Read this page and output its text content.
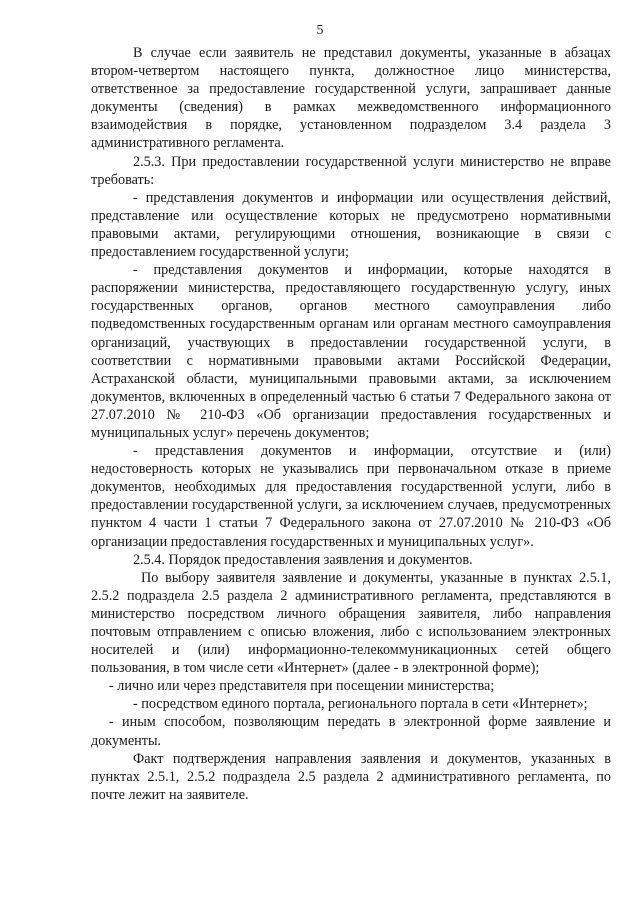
5

В случае если заявитель не представил документы, указанные в абзацах втором-четвертом настоящего пункта, должностное лицо министерства, ответственное за предоставление государственной услуги, запрашивает данные документы (сведения) в рамках межведомственного информационного взаимодействия в порядке, установленном подразделом 3.4 раздела 3 административного регламента.

2.5.3. При предоставлении государственной услуги министерство не вправе требовать:

- представления документов и информации или осуществления действий, представление или осуществление которых не предусмотрено нормативными правовыми актами, регулирующими отношения, возникающие в связи с предоставлением государственной услуги;

- представления документов и информации, которые находятся в распоряжении министерства, предоставляющего государственную услугу, иных государственных органов, органов местного самоуправления либо подведомственных государственным органам или органам местного самоуправления организаций, участвующих в предоставлении государственной услуги, в соответствии с нормативными правовыми актами Российской Федерации, Астраханской области, муниципальными правовыми актами, за исключением документов, включенных в определенный частью 6 статьи 7 Федерального закона от 27.07.2010 № 210-ФЗ «Об организации предоставления государственных и муниципальных услуг» перечень документов;

- представления документов и информации, отсутствие и (или) недостоверность которых не указывались при первоначальном отказе в приеме документов, необходимых для предоставления государственной услуги, либо в предоставлении государственной услуги, за исключением случаев, предусмотренных пунктом 4 части 1 статьи 7 Федерального закона от 27.07.2010 № 210-ФЗ «Об организации предоставления государственных и муниципальных услуг».

2.5.4. Порядок предоставления заявления и документов.

По выбору заявителя заявление и документы, указанные в пунктах 2.5.1, 2.5.2 подраздела 2.5 раздела 2 административного регламента, представляются в министерство посредством личного обращения заявителя, либо направления почтовым отправлением с описью вложения, либо с использованием электронных носителей и (или) информационно-телекоммуникационных сетей общего пользования, в том числе сети «Интернет» (далее - в электронной форме);

- лично или через представителя при посещении министерства;

- посредством единого портала, регионального портала в сети «Интернет»;

- иным способом, позволяющим передать в электронной форме заявление и документы.

Факт подтверждения направления заявления и документов, указанных в пунктах 2.5.1, 2.5.2 подраздела 2.5 раздела 2 административного регламента, по почте лежит на заявителе.
